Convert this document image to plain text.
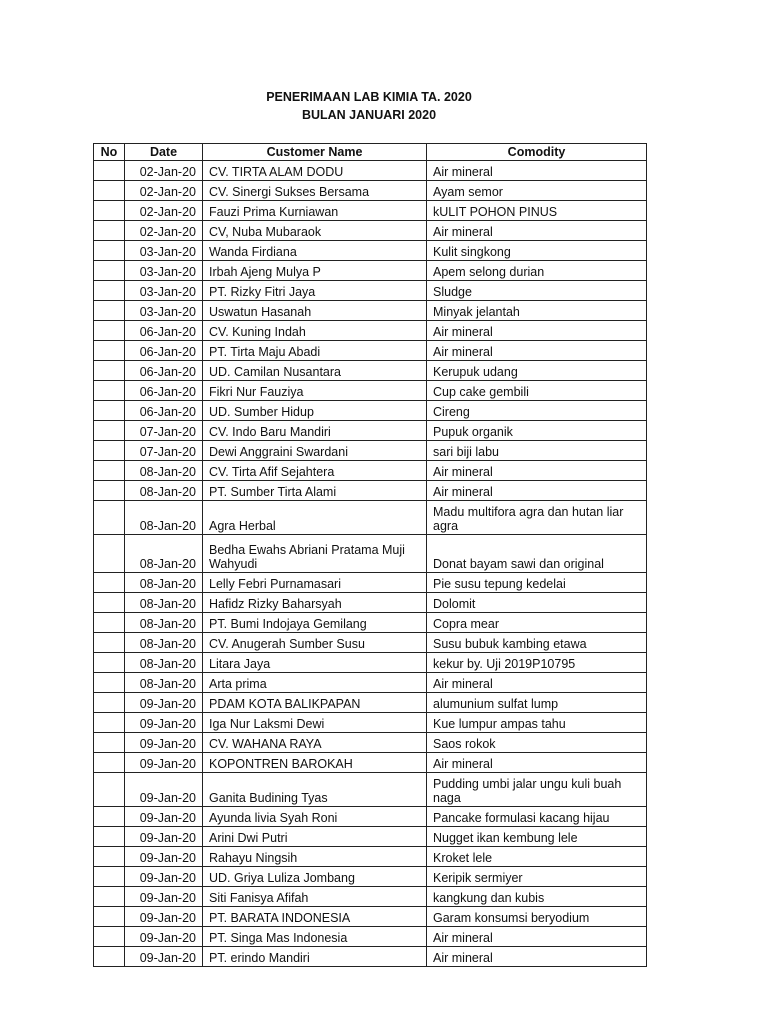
PENERIMAAN LAB KIMIA TA. 2020
BULAN JANUARI 2020
No	Date	Customer Name	Comodity
	02-Jan-20	CV. TIRTA ALAM DODU	Air mineral
	02-Jan-20	CV. Sinergi Sukses Bersama	Ayam semor
	02-Jan-20	Fauzi Prima Kurniawan	kULIT POHON PINUS
	02-Jan-20	CV, Nuba Mubaraok	Air mineral
	03-Jan-20	Wanda Firdiana	Kulit singkong
	03-Jan-20	Irbah Ajeng Mulya P	Apem selong durian
	03-Jan-20	PT. Rizky Fitri Jaya	Sludge
	03-Jan-20	Uswatun Hasanah	Minyak jelantah
	06-Jan-20	CV. Kuning Indah	Air mineral
	06-Jan-20	PT. Tirta Maju Abadi	Air mineral
	06-Jan-20	UD. Camilan Nusantara	Kerupuk udang
	06-Jan-20	Fikri Nur Fauziya	Cup cake gembili
	06-Jan-20	UD. Sumber Hidup	Cireng
	07-Jan-20	CV. Indo Baru Mandiri	Pupuk organik
	07-Jan-20	Dewi Anggraini Swardani	sari biji labu
	08-Jan-20	CV. Tirta Afif Sejahtera	Air mineral
	08-Jan-20	PT. Sumber Tirta Alami	Air mineral
	08-Jan-20	Agra Herbal	Madu multifora agra dan hutan liar agra
	08-Jan-20	Bedha Ewahs Abriani Pratama Muji Wahyudi	Donat bayam sawi dan original
	08-Jan-20	Lelly Febri Purnamasari	Pie susu tepung kedelai
	08-Jan-20	Hafidz Rizky Baharsyah	Dolomit
	08-Jan-20	PT. Bumi Indojaya Gemilang	Copra mear
	08-Jan-20	CV. Anugerah Sumber Susu	Susu bubuk kambing etawa
	08-Jan-20	Litara Jaya	kekur by. Uji 2019P10795
	08-Jan-20	Arta prima	Air mineral
	09-Jan-20	PDAM KOTA BALIKPAPAN	alumunium sulfat lump
	09-Jan-20	Iga Nur Laksmi Dewi	Kue lumpur ampas tahu
	09-Jan-20	CV. WAHANA RAYA	Saos rokok
	09-Jan-20	KOPONTREN BAROKAH	Air mineral
	09-Jan-20	Ganita Budining Tyas	Pudding umbi jalar ungu kuli buah naga
	09-Jan-20	Ayunda livia Syah Roni	Pancake formulasi kacang hijau
	09-Jan-20	Arini Dwi Putri	Nugget ikan kembung lele
	09-Jan-20	Rahayu Ningsih	Kroket lele
	09-Jan-20	UD. Griya Luliza Jombang	Keripik sermiyer
	09-Jan-20	Siti Fanisya Afifah	kangkung dan kubis
	09-Jan-20	PT. BARATA INDONESIA	Garam konsumsi beryodium
	09-Jan-20	PT. Singa Mas Indonesia	Air mineral
	09-Jan-20	PT. erindo Mandiri	Air mineral
